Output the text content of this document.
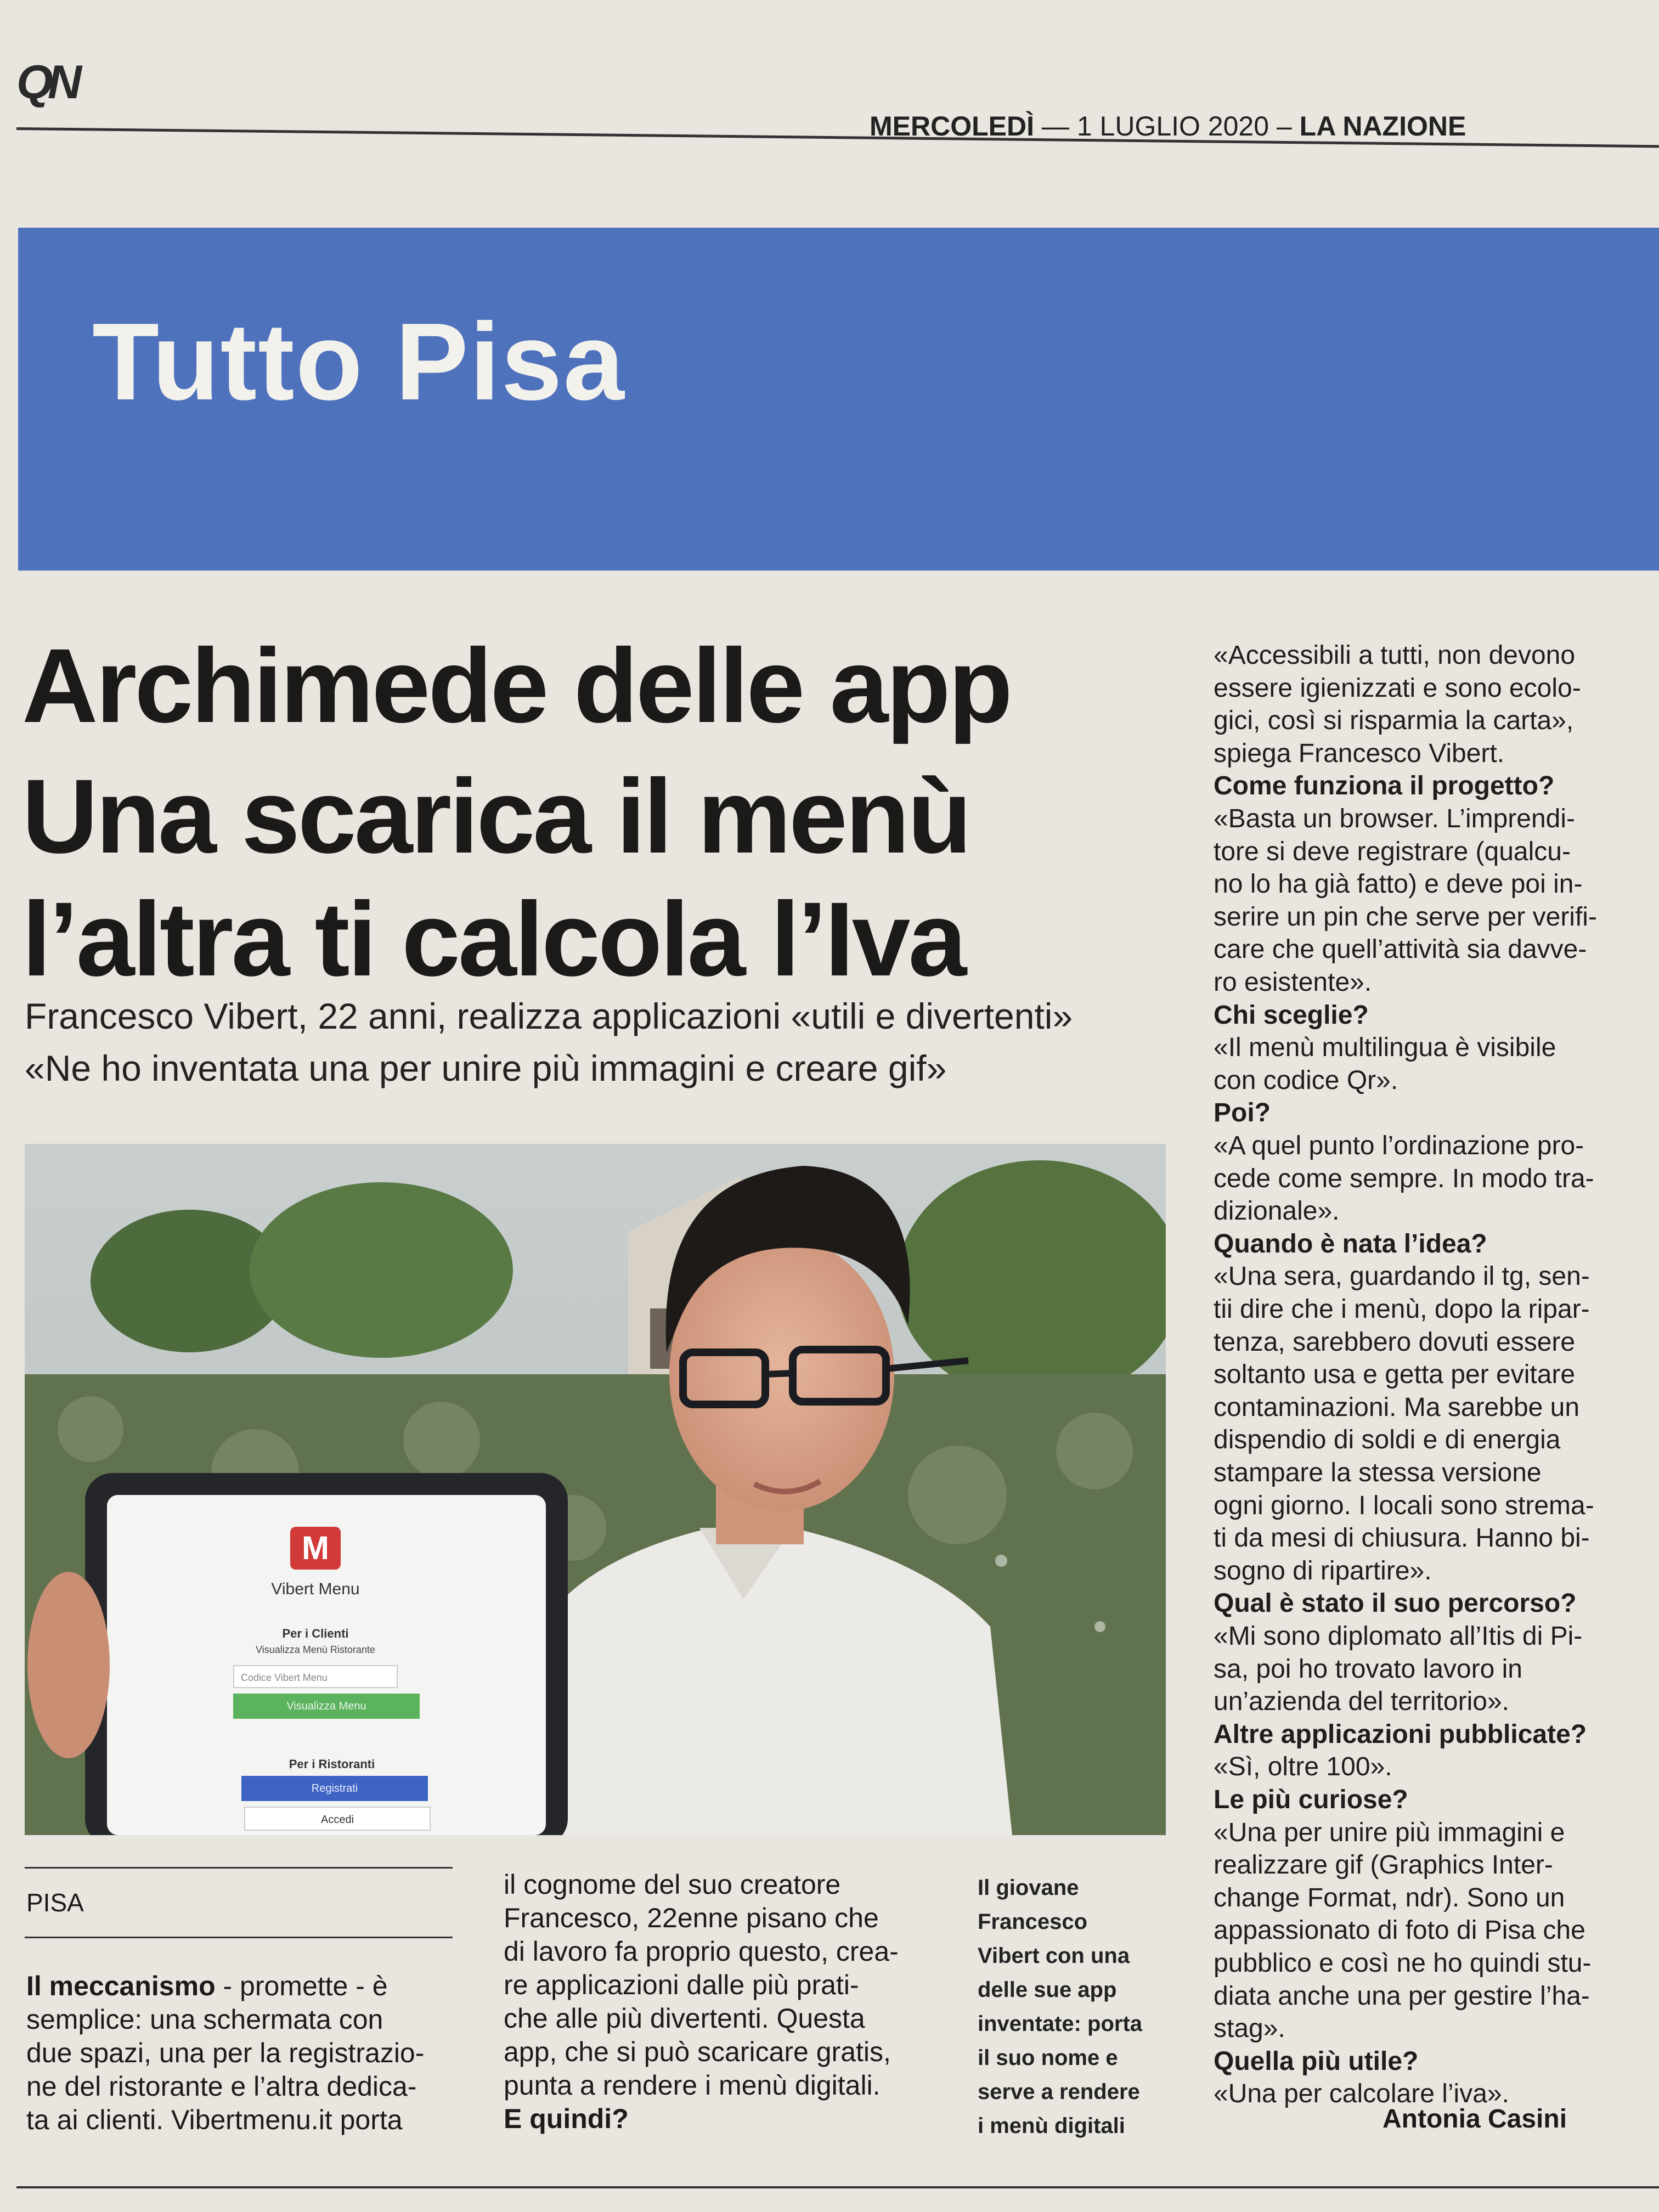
QN
MERCOLEDÌ — 1 LUGLIO 2020 – LA NAZIONE
Tutto Pisa
Archimede delle app
Una scarica il menù
l’altra ti calcola l’Iva
Francesco Vibert, 22 anni, realizza applicazioni «utili e divertenti»
«Ne ho inventata una per unire più immagini e creare gif»
M
Vibert Menu
Per i Clienti
Visualizza Menù Ristorante
Codice Vibert Menu
Visualizza Menu
Per i Ristoranti
Registrati
Accedi
PISA
Il meccanismo - promette - è
semplice: una schermata con
due spazi, una per la registrazio-
ne del ristorante e l’altra dedica-
ta ai clienti. Vibertmenu.it porta
il cognome del suo creatore
Francesco, 22enne pisano che
di lavoro fa proprio questo, crea-
re applicazioni dalle più prati-
che alle più divertenti. Questa
app, che si può scaricare gratis,
punta a rendere i menù digitali.
E quindi?
Il giovane
Francesco
Vibert con una
delle sue app
inventate: porta
il suo nome e
serve a rendere
i menù digitali
«Accessibili a tutti, non devono
essere igienizzati e sono ecolo-
gici, così si risparmia la carta»,
spiega Francesco Vibert.
Come funziona il progetto?
«Basta un browser. L’imprendi-
tore si deve registrare (qualcu-
no lo ha già fatto) e deve poi in-
serire un pin che serve per verifi-
care che quell’attività sia davve-
ro esistente».
Chi sceglie?
«Il menù multilingua è visibile
con codice Qr».
Poi?
«A quel punto l’ordinazione pro-
cede come sempre. In modo tra-
dizionale».
Quando è nata l’idea?
«Una sera, guardando il tg, sen-
tii dire che i menù, dopo la ripar-
tenza, sarebbero dovuti essere
soltanto usa e getta per evitare
contaminazioni. Ma sarebbe un
dispendio di soldi e di energia
stampare la stessa versione
ogni giorno. I locali sono strema-
ti da mesi di chiusura. Hanno bi-
sogno di ripartire».
Qual è stato il suo percorso?
«Mi sono diplomato all’Itis di Pi-
sa, poi ho trovato lavoro in
un’azienda del territorio».
Altre applicazioni pubblicate?
«Sì, oltre 100».
Le più curiose?
«Una per unire più immagini e
realizzare gif (Graphics Inter-
change Format, ndr). Sono un
appassionato di foto di Pisa che
pubblico e così ne ho quindi stu-
diata anche una per gestire l’ha-
stag».
Quella più utile?
«Una per calcolare l’iva».
Antonia Casini
